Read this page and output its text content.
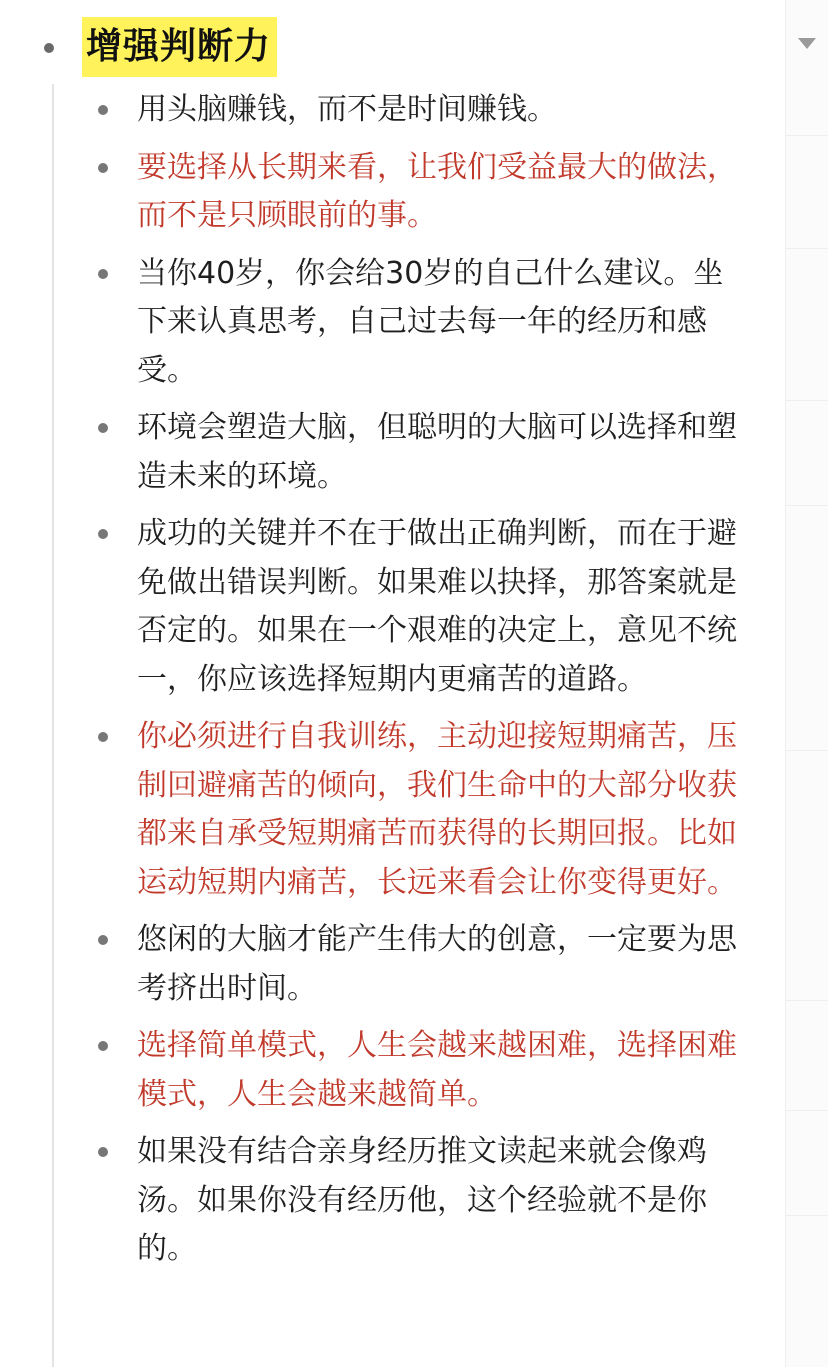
增强判断力
用头脑赚钱，而不是时间赚钱。
要选择从长期来看，让我们受益最大的做法，而不是只顾眼前的事。
当你40岁，你会给30岁的自己什么建议。坐下来认真思考，自己过去每一年的经历和感受。
环境会塑造大脑，但聪明的大脑可以选择和塑造未来的环境。
成功的关键并不在于做出正确判断，而在于避免做出错误判断。如果难以抉择，那答案就是否定的。如果在一个艰难的决定上，意见不统一，你应该选择短期内更痛苦的道路。
你必须进行自我训练，主动迎接短期痛苦，压制回避痛苦的倾向，我们生命中的大部分收获都来自承受短期痛苦而获得的长期回报。比如运动短期内痛苦，长远来看会让你变得更好。
悠闲的大脑才能产生伟大的创意，一定要为思考挤出时间。
选择简单模式，人生会越来越困难，选择困难模式，人生会越来越简单。
如果没有结合亲身经历推文读起来就会像鸡汤。如果你没有经历他，这个经验就不是你的。
